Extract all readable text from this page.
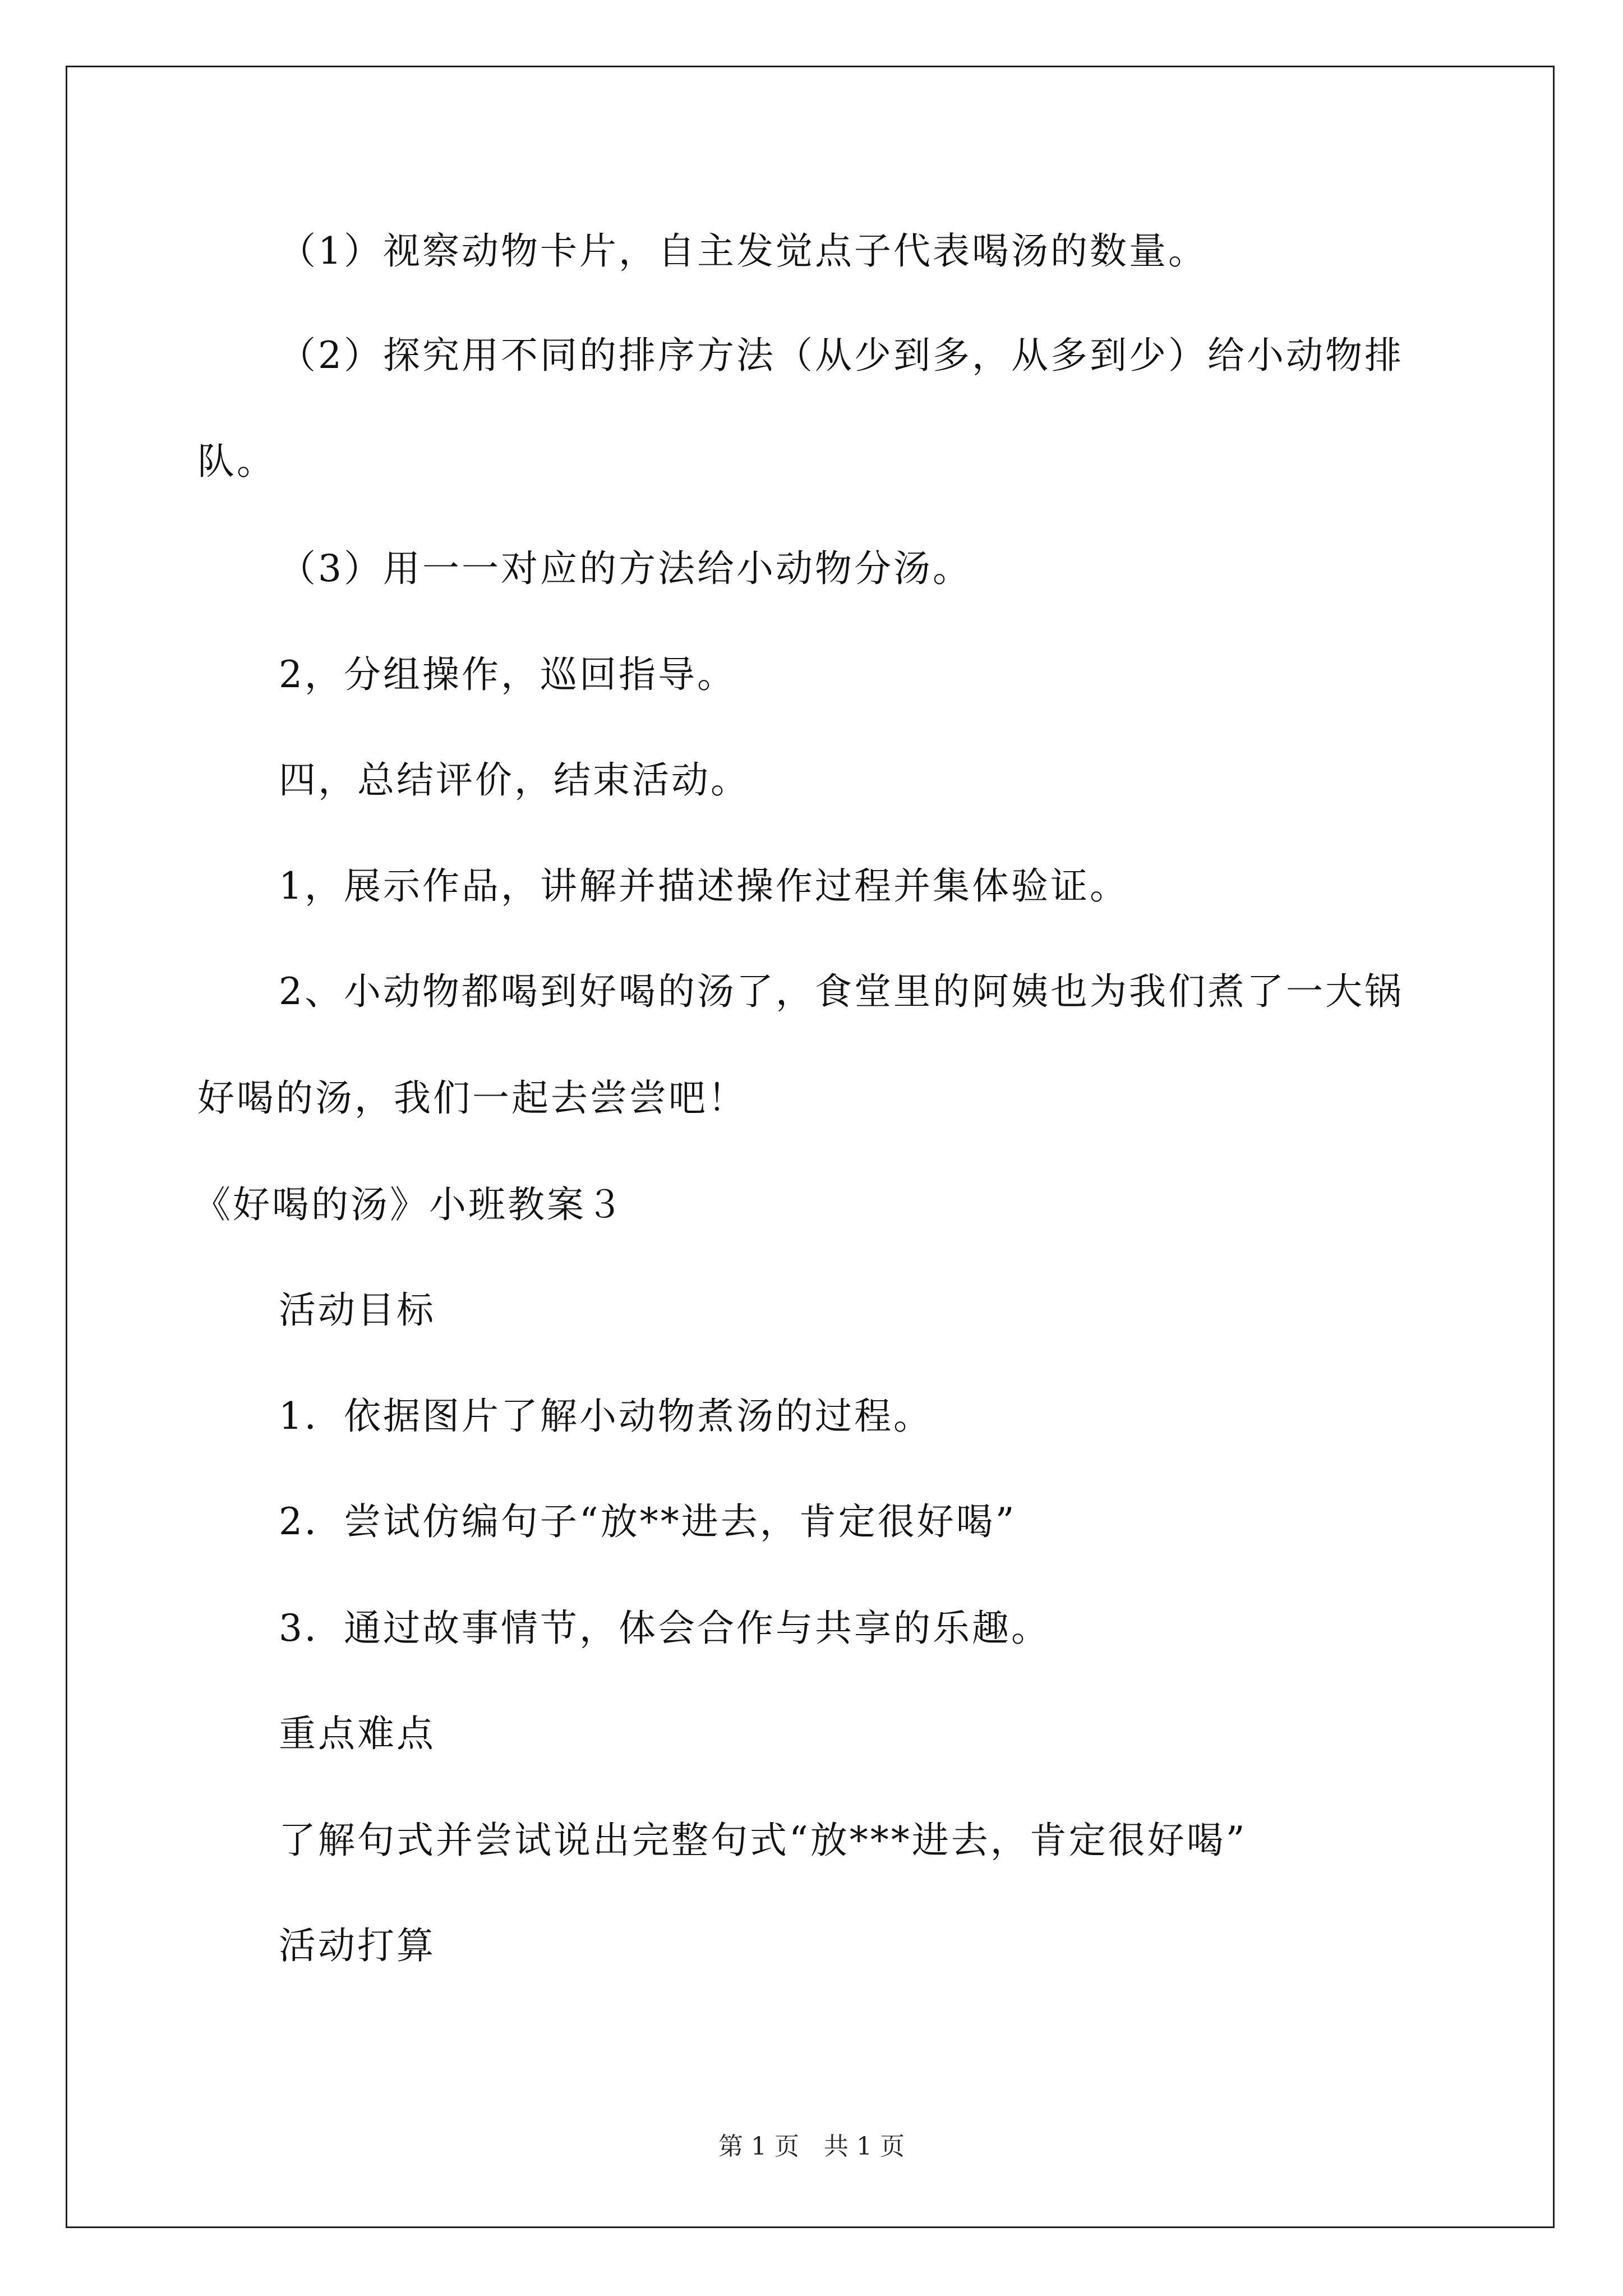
（1）视察动物卡片，自主发觉点子代表喝汤的数量。

（2）探究用不同的排序方法（从少到多，从多到少）给小动物排

队。

（3）用一一对应的方法给小动物分汤。

2，分组操作，巡回指导。

四，总结评价，结束活动。

1，展示作品，讲解并描述操作过程并集体验证。

2、小动物都喝到好喝的汤了，食堂里的阿姨也为我们煮了一大锅

好喝的汤，我们一起去尝尝吧！

《好喝的汤》小班教案３

活动目标

1．依据图片了解小动物煮汤的过程。

2．尝试仿编句子“放**进去，肯定很好喝”

3．通过故事情节，体会合作与共享的乐趣。

重点难点

了解句式并尝试说出完整句式“放***进去，肯定很好喝”

活动打算

第 1 页　共 1 页
